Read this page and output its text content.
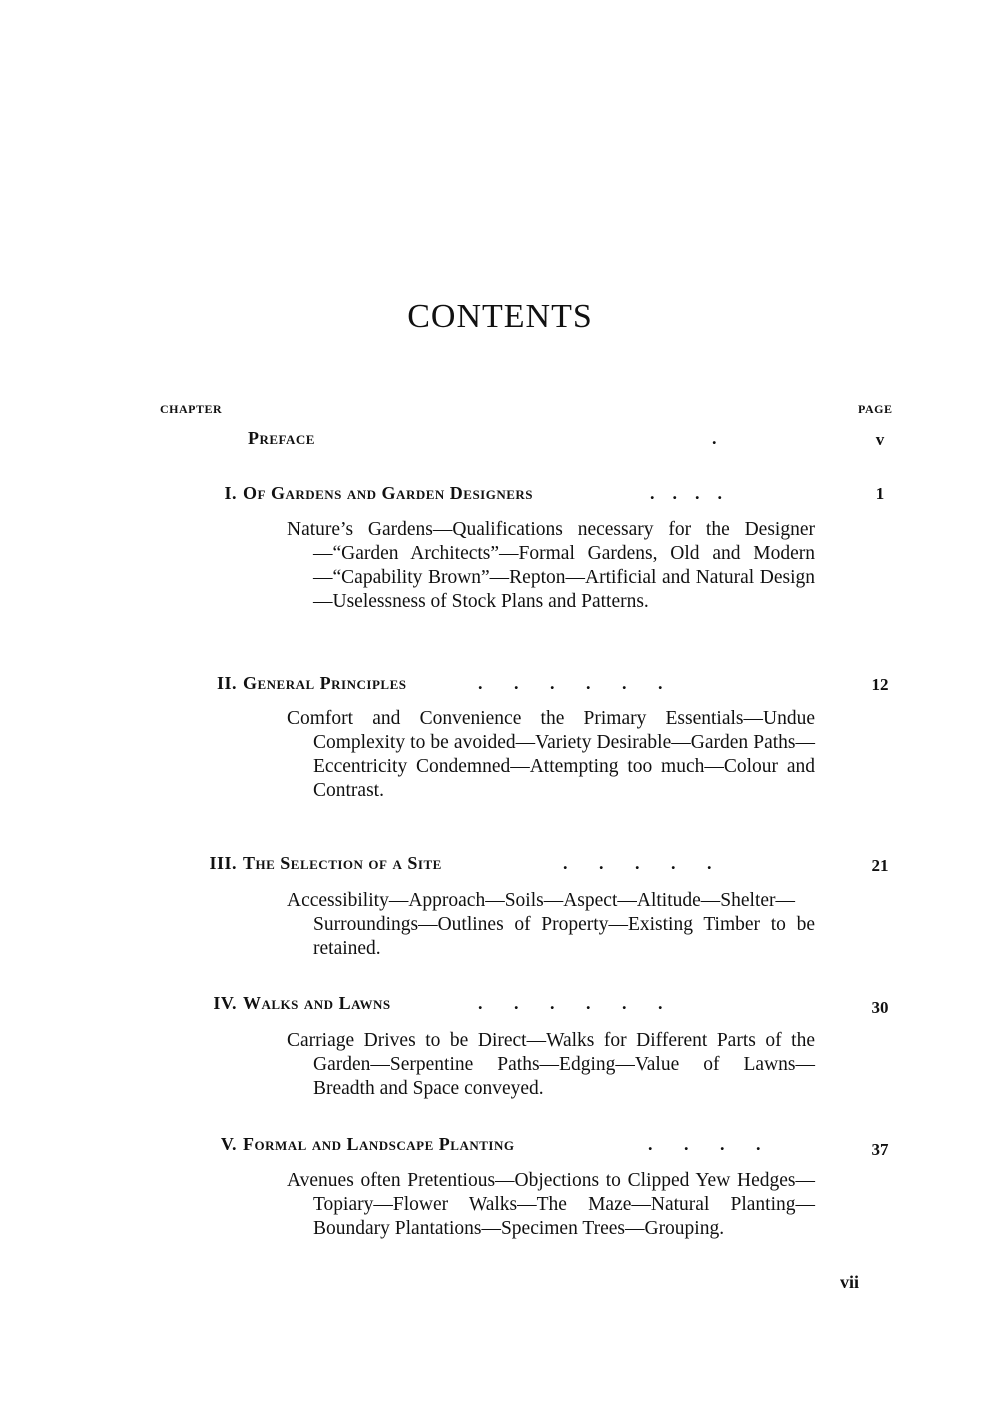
CONTENTS
CHAPTER	PAGE
Preface	.	v
I. Of Gardens and Garden Designers	.    .    .    .	1
Nature’s Gardens—Qualifications necessary for the Designer—“Garden Architects”—Formal Gardens, Old and Modern—“Capability Brown”—Repton—Artificial and Natural Design—Uselessness of Stock Plans and Patterns.
II. General Principles	.       .       .       .       .       .	12
Comfort and Convenience the Primary Essentials—Undue Complexity to be avoided—Variety Desirable—Garden Paths—Eccentricity Condemned—Attempting too much—Colour and Contrast.
III. The Selection of a Site	.       .       .       .       .	21
Accessibility—Approach—Soils—Aspect—Altitude—Shelter—Surroundings—Outlines of Property—Existing Timber to be retained.
IV. Walks and Lawns	.       .       .       .       .       .	30
Carriage Drives to be Direct—Walks for Different Parts of the Garden—Serpentine Paths—Edging—Value of Lawns—Breadth and Space conveyed.
V. Formal and Landscape Planting	.       .       .       .	37
Avenues often Pretentious—Objections to Clipped Yew Hedges—Topiary—Flower Walks—The Maze—Natural Planting—Boundary Plantations—Specimen Trees—Grouping.
vii
